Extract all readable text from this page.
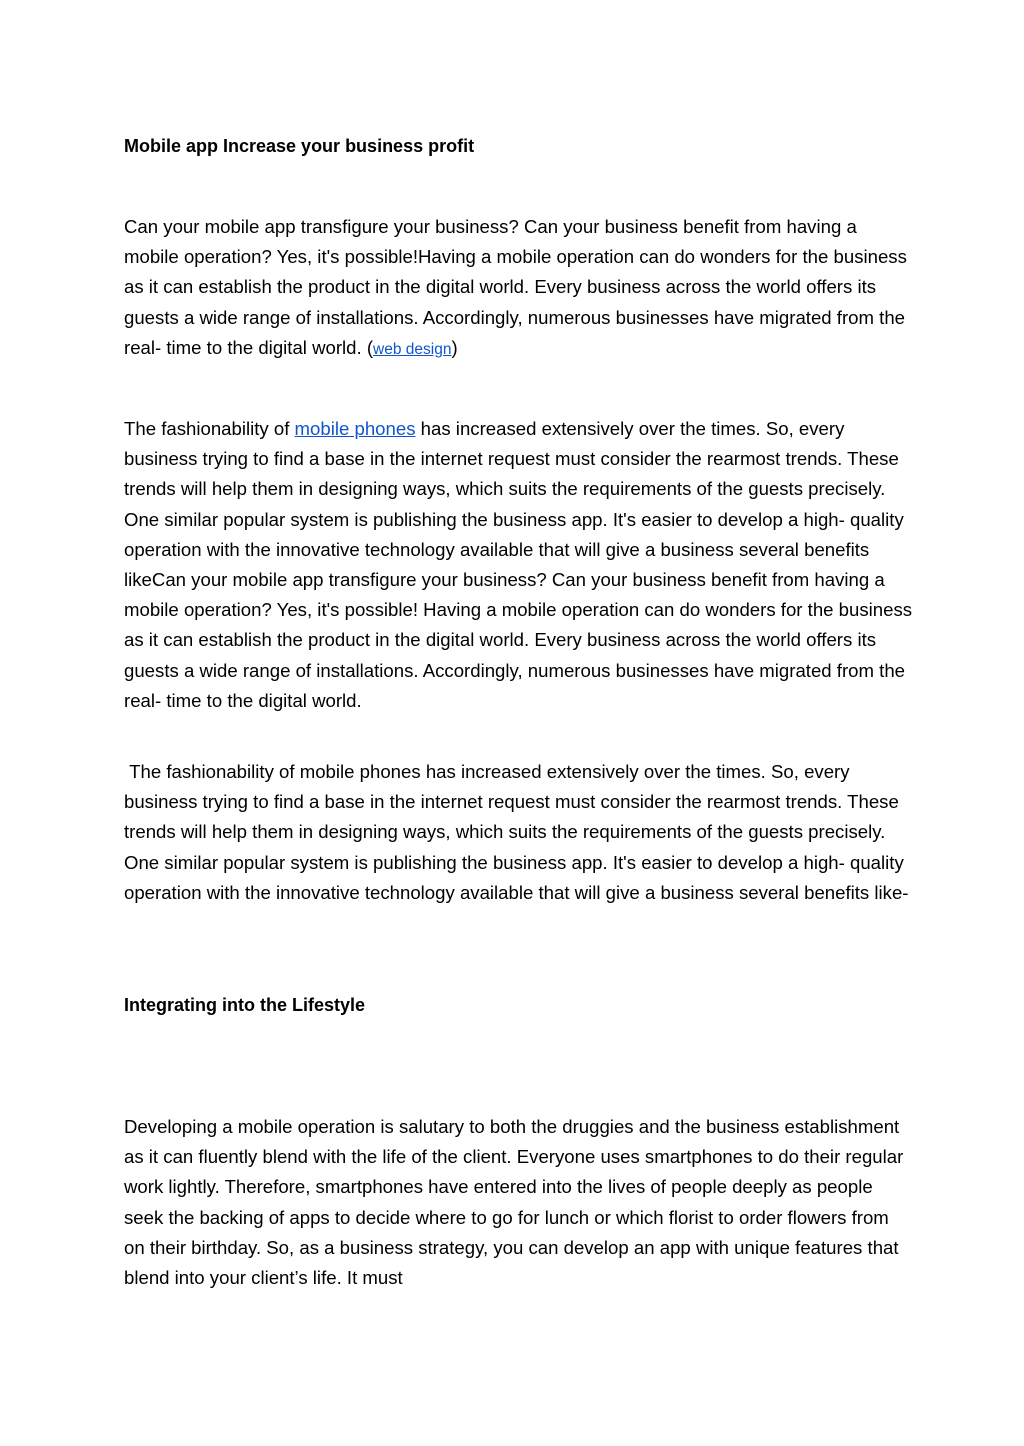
Mobile app Increase your business profit

Can your mobile app transfigure your business? Can your business benefit from having a mobile operation? Yes, it's possible!Having a mobile operation can do wonders for the business as it can establish the product in the digital world. Every business across the world offers its guests a wide range of installations. Accordingly, numerous businesses have migrated from the real- time to the digital world. (web design)

The fashionability of mobile phones has increased extensively over the times. So, every business trying to find a base in the internet request must consider the rearmost trends. These trends will help them in designing ways, which suits the requirements of the guests precisely. One similar popular system is publishing the business app. It's easier to develop a high- quality operation with the innovative technology available that will give a business several benefits likeCan your mobile app transfigure your business? Can your business benefit from having a mobile operation? Yes, it's possible! Having a mobile operation can do wonders for the business as it can establish the product in the digital world. Every business across the world offers its guests a wide range of installations. Accordingly, numerous businesses have migrated from the real- time to the digital world.

The fashionability of mobile phones has increased extensively over the times. So, every business trying to find a base in the internet request must consider the rearmost trends. These trends will help them in designing ways, which suits the requirements of the guests precisely. One similar popular system is publishing the business app. It's easier to develop a high- quality operation with the innovative technology available that will give a business several benefits like-

Integrating into the Lifestyle

Developing a mobile operation is salutary to both the druggies and the business establishment as it can fluently blend with the life of the client. Everyone uses smartphones to do their regular work lightly. Therefore, smartphones have entered into the lives of people deeply as people seek the backing of apps to decide where to go for lunch or which florist to order flowers from on their birthday. So, as a business strategy, you can develop an app with unique features that blend into your client’s life. It must
